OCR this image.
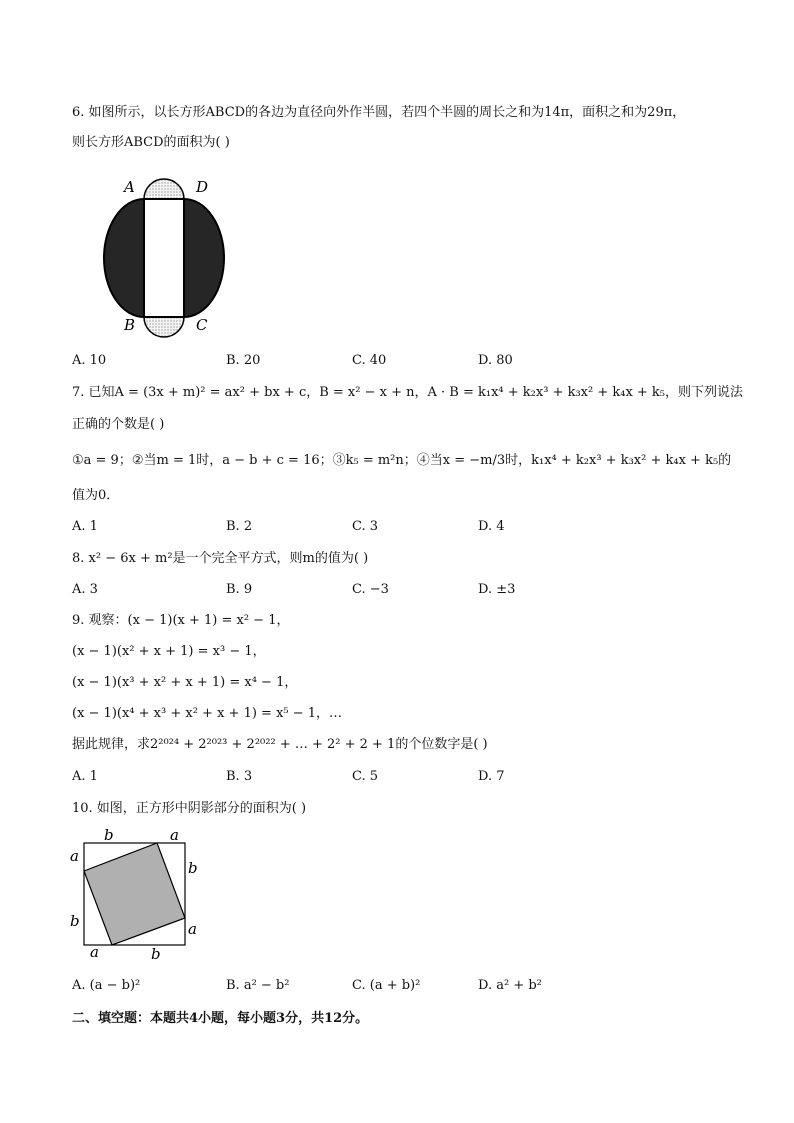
6. 如图所示，以长方形ABCD的各边为直径向外作半圆，若四个半圆的周长之和为14π，面积之和为29π，
则长方形ABCD的面积为( )
A	D
B	C
A. 10	B. 20	C. 40	D. 80
7. 已知A = (3x + m)² = ax² + bx + c，B = x² − x + n，A · B = k₁x⁴ + k₂x³ + k₃x² + k₄x + k₅，则下列说法
正确的个数是( )
①a = 9；②当m = 1时，a − b + c = 16；③k₅ = m²n；④当x = −m/3时，k₁x⁴ + k₂x³ + k₃x² + k₄x + k₅的
值为0．
A. 1	B. 2	C. 3	D. 4
8. x² − 6x + m²是一个完全平方式，则m的值为( )
A. 3	B. 9	C. −3	D. ±3
9. 观察：(x − 1)(x + 1) = x² − 1，
(x − 1)(x² + x + 1) = x³ − 1，
(x − 1)(x³ + x² + x + 1) = x⁴ − 1，
(x − 1)(x⁴ + x³ + x² + x + 1) = x⁵ − 1，…
据此规律，求2²⁰²⁴ + 2²⁰²³ + 2²⁰²² + … + 2² + 2 + 1的个位数字是( )
A. 1	B. 3	C. 5	D. 7
10. 如图，正方形中阴影部分的面积为( )
b	a
a
b
b
a
a	b
A. (a − b)²	B. a² − b²	C. (a + b)²	D. a² + b²
二、填空题：本题共4小题，每小题3分，共12分。
